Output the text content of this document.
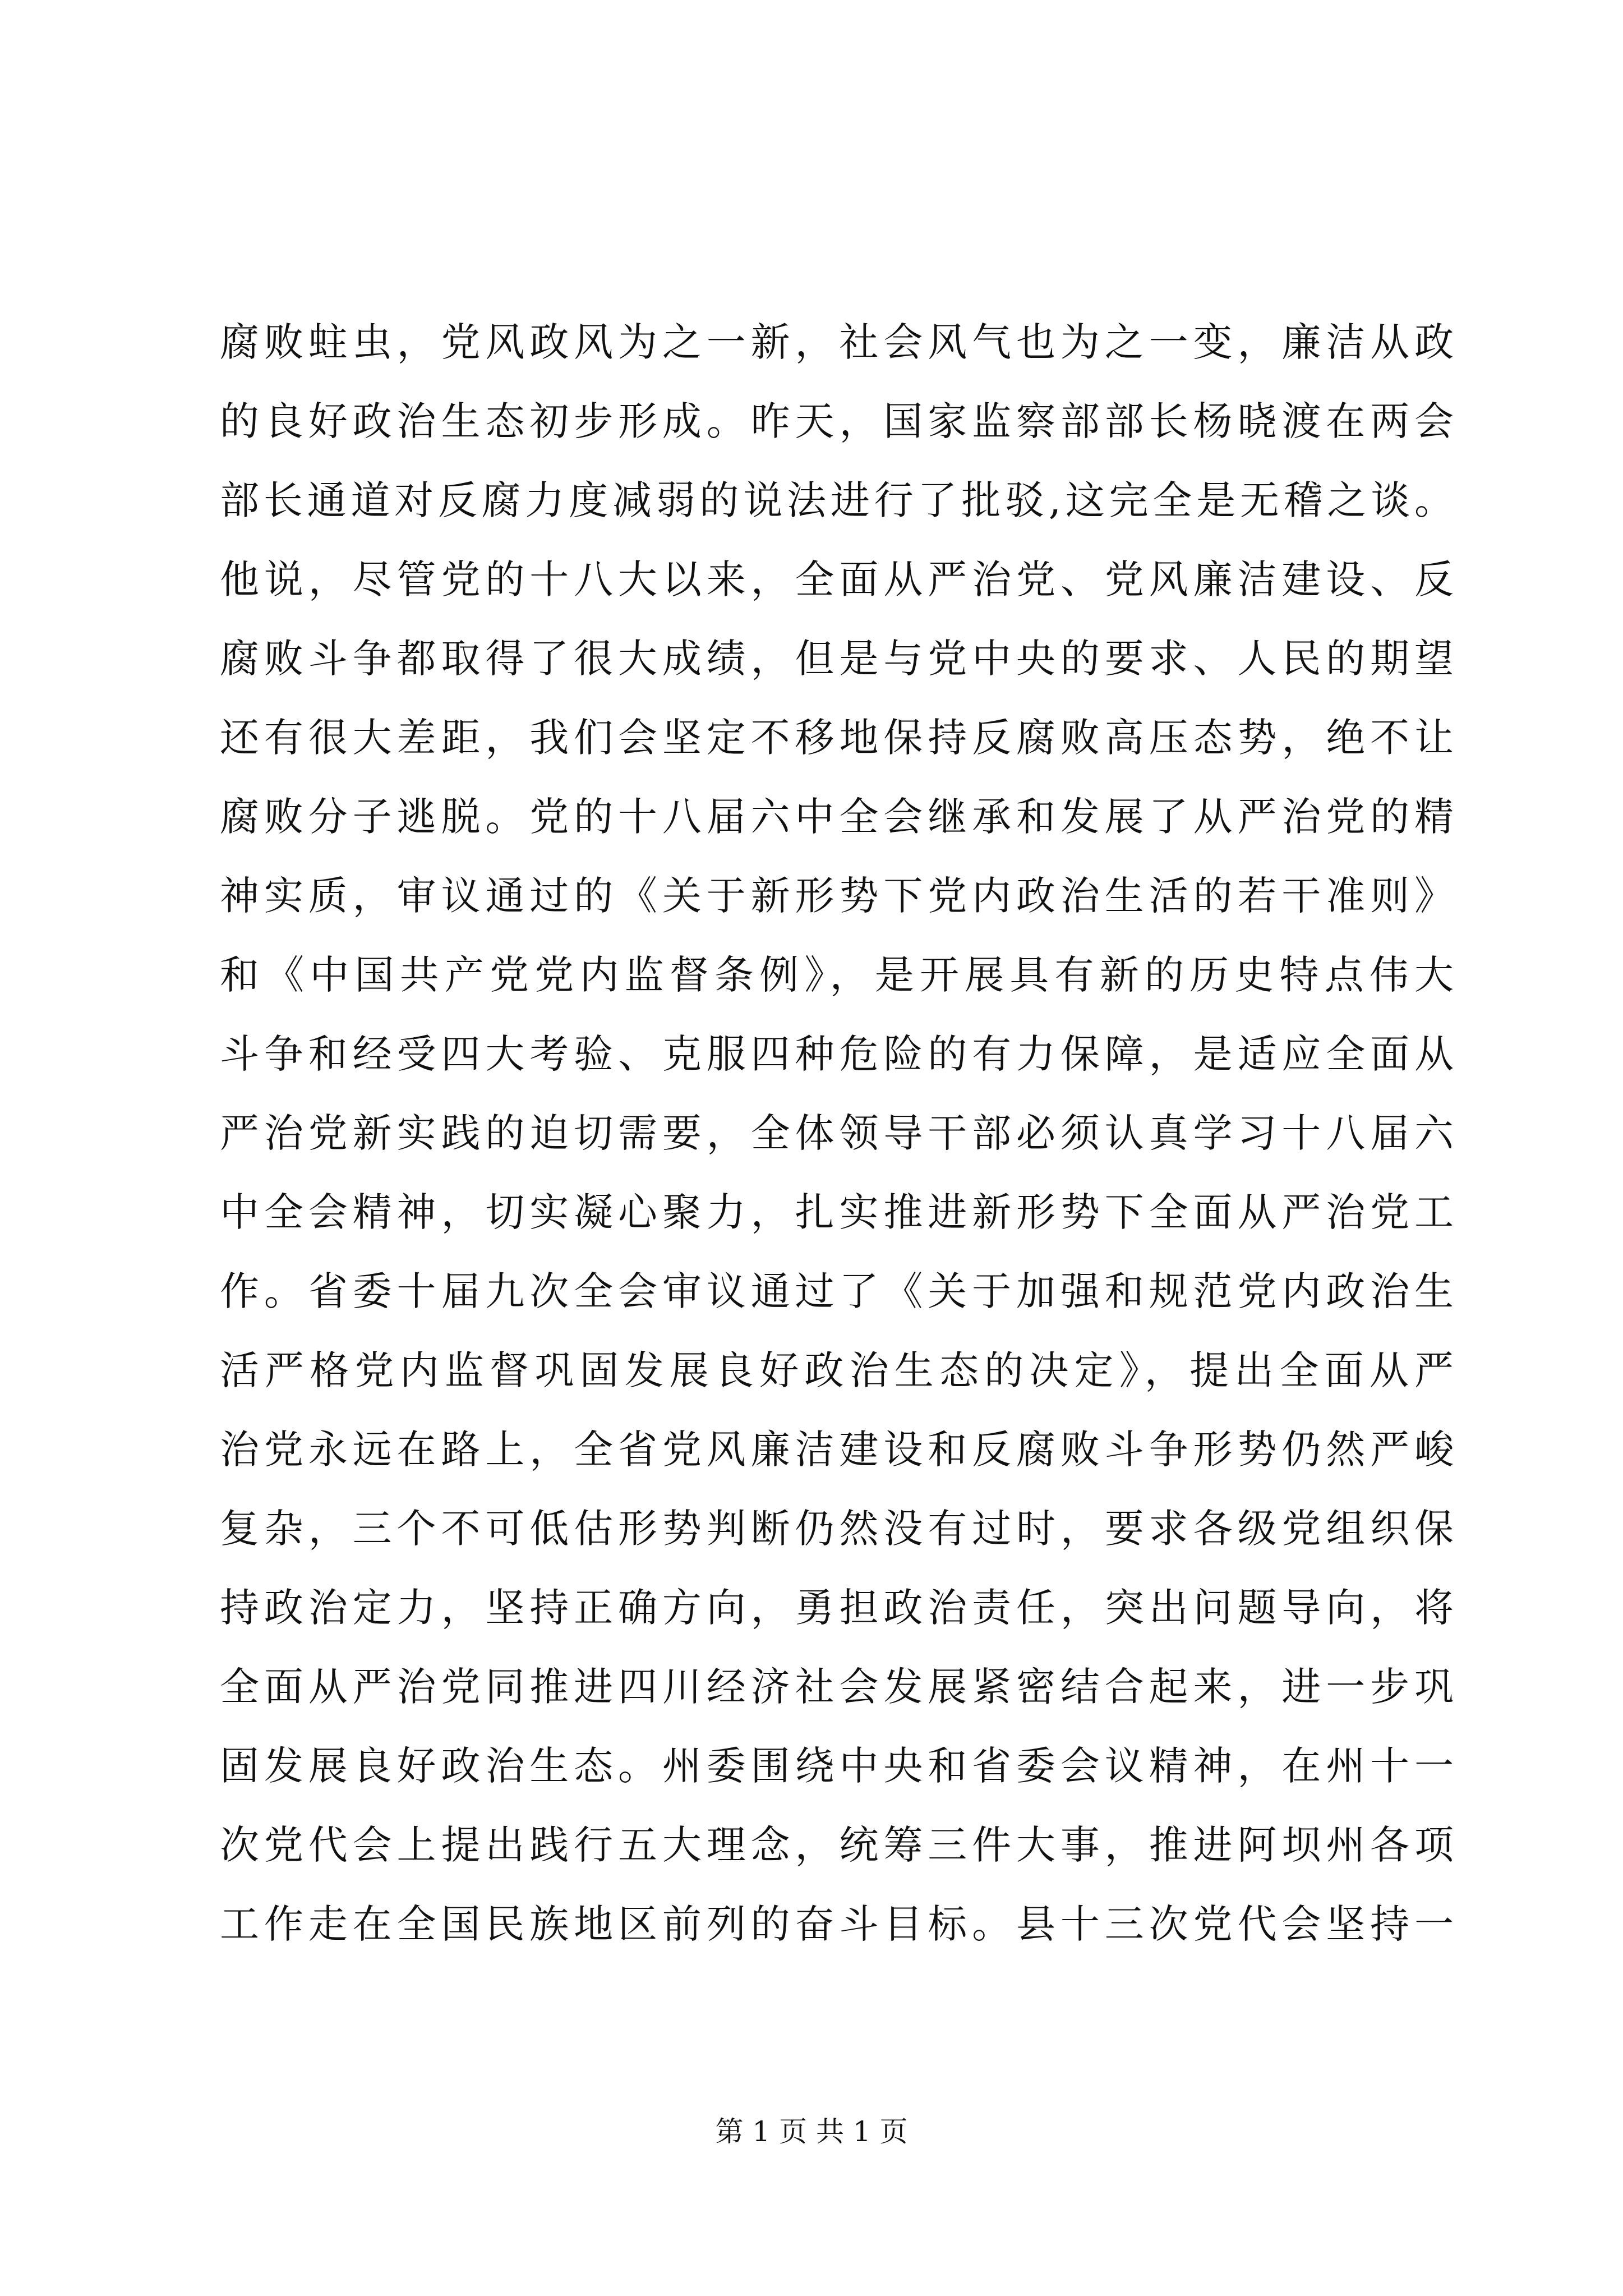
腐败蛀虫，党风政风为之一新，社会风气也为之一变，廉洁从政
的良好政治生态初步形成。昨天，国家监察部部长杨晓渡在两会
部长通道对反腐力度减弱的说法进行了批驳,这完全是无稽之谈。
他说，尽管党的十八大以来，全面从严治党、党风廉洁建设、反
腐败斗争都取得了很大成绩，但是与党中央的要求、人民的期望
还有很大差距，我们会坚定不移地保持反腐败高压态势，绝不让
腐败分子逃脱。党的十八届六中全会继承和发展了从严治党的精
神实质，审议通过的《关于新形势下党内政治生活的若干准则》
和《中国共产党党内监督条例》，是开展具有新的历史特点伟大
斗争和经受四大考验、克服四种危险的有力保障，是适应全面从
严治党新实践的迫切需要，全体领导干部必须认真学习十八届六
中全会精神，切实凝心聚力，扎实推进新形势下全面从严治党工
作。省委十届九次全会审议通过了《关于加强和规范党内政治生
活严格党内监督巩固发展良好政治生态的决定》，提出全面从严
治党永远在路上，全省党风廉洁建设和反腐败斗争形势仍然严峻
复杂，三个不可低估形势判断仍然没有过时，要求各级党组织保
持政治定力，坚持正确方向，勇担政治责任，突出问题导向，将
全面从严治党同推进四川经济社会发展紧密结合起来，进一步巩
固发展良好政治生态。州委围绕中央和省委会议精神，在州十一
次党代会上提出践行五大理念，统筹三件大事，推进阿坝州各项
工作走在全国民族地区前列的奋斗目标。县十三次党代会坚持一
第 1 页 共 1 页
